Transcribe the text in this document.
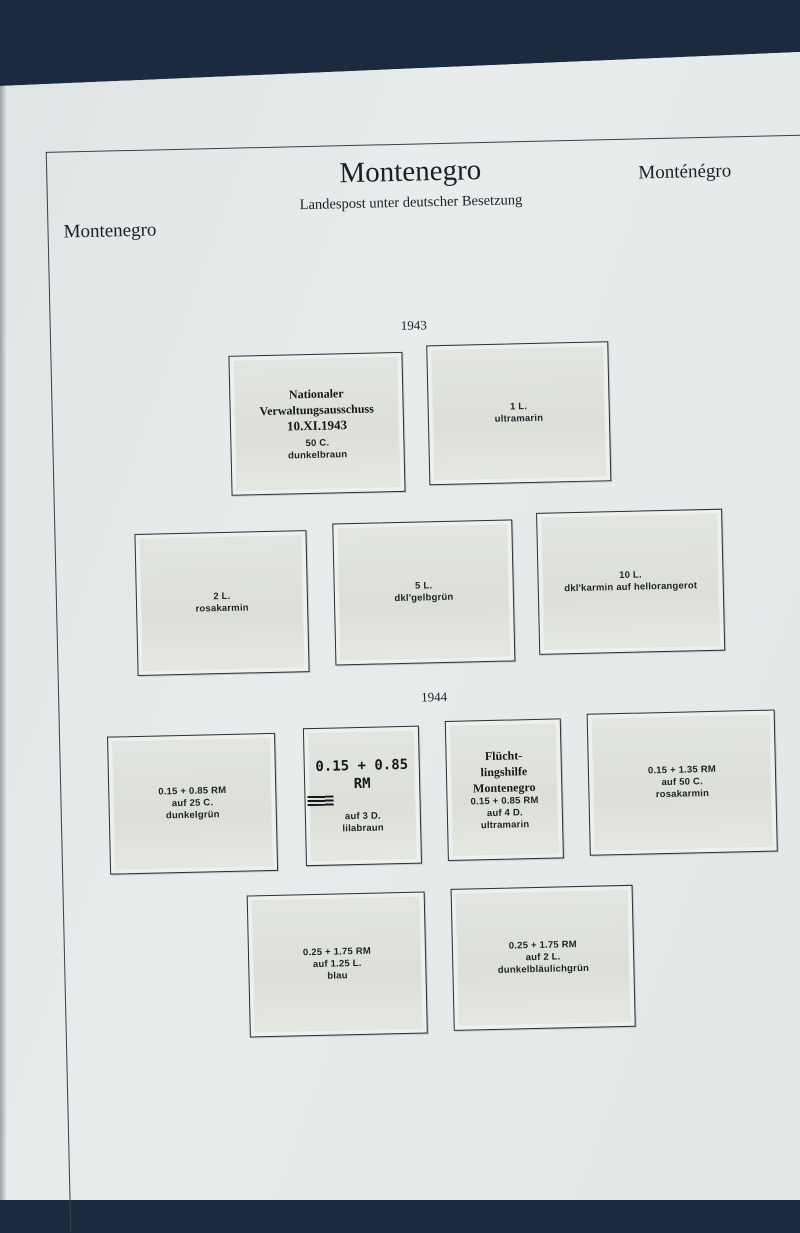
Montenegro
Landespost unter deutscher Besetzung
Montenegro
Monténégro
1943
Nationaler
Verwaltungsausschuss
10.XI.1943
50 C.
dunkelbraun
1 L.
ultramarin
2 L.
rosakarmin
5 L.
dkl'gelbgrün
10 L.
dkl'karmin auf hellorangerot
1944
0.15 + 0.85 RM
auf 25 C.
dunkelgrün
0.15 + 0.85 RM
auf 3 D.
lilabraun
Flücht-
lingshilfe
Montenegro
0.15 + 0.85 RM
auf 4 D.
ultramarin
0.15 + 1.35 RM
auf 50 C.
rosakarmin
0.25 + 1.75 RM
auf 1.25 L.
blau
0.25 + 1.75 RM
auf 2 L.
dunkelbläulichgrün
